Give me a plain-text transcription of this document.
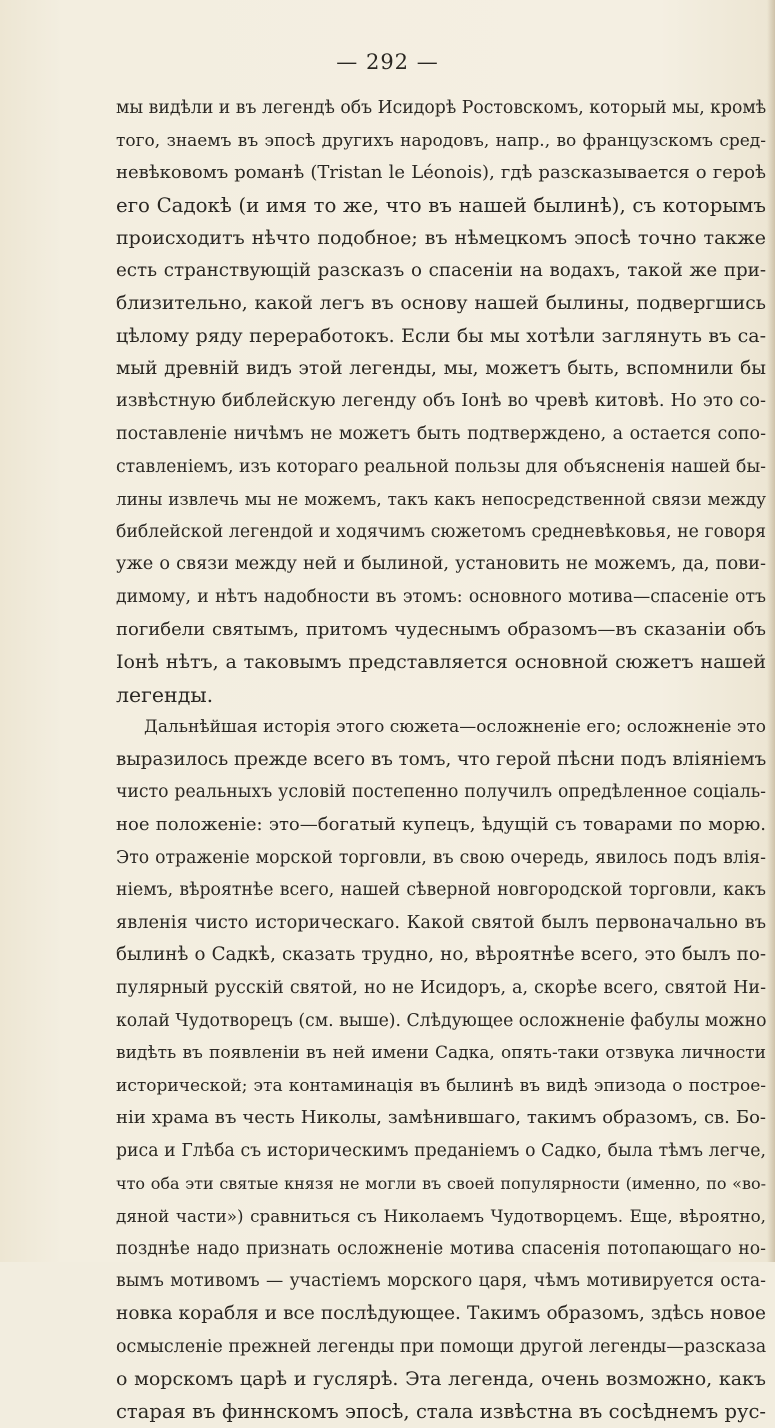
— 292 —
мы видѣли и въ легендѣ объ Исидорѣ Ростовскомъ, который мы, кромѣ
того, знаемъ въ эпосѣ другихъ народовъ, напр., во французскомъ сред-
невѣковомъ романѣ (Tristan le Léonois), гдѣ разсказывается о героѣ
его Садокѣ (и имя то же, что въ нашей былинѣ), съ которымъ
происходитъ нѣчто подобное; въ нѣмецкомъ эпосѣ точно также
есть странствующій разсказъ о спасеніи на водахъ, такой же при-
близительно, какой легъ въ основу нашей былины, подвергшись
цѣлому ряду переработокъ. Если бы мы хотѣли заглянуть въ са-
мый древній видъ этой легенды, мы, можетъ быть, вспомнили бы
извѣстную библейскую легенду объ Іонѣ во чревѣ китовѣ. Но это со-
поставленіе ничѣмъ не можетъ быть подтверждено, а остается сопо-
ставленіемъ, изъ котораго реальной пользы для объясненія нашей бы-
лины извлечь мы не можемъ, такъ какъ непосредственной связи между
библейской легендой и ходячимъ сюжетомъ средневѣковья, не говоря
уже о связи между ней и былиной, установить не можемъ, да, пови-
димому, и нѣтъ надобности въ этомъ: основного мотива—спасеніе отъ
погибели святымъ, притомъ чудеснымъ образомъ—въ сказаніи объ
Іонѣ нѣтъ, а таковымъ представляется основной сюжетъ нашей
легенды.
Дальнѣйшая исторія этого сюжета—осложненіе его; осложненіе это
выразилось прежде всего въ томъ, что герой пѣсни подъ вліяніемъ
чисто реальныхъ условій постепенно получилъ опредѣленное соціаль-
ное положеніе: это—богатый купецъ, ѣдущій съ товарами по морю.
Это отраженіе морской торговли, въ свою очередь, явилось подъ влія-
ніемъ, вѣроятнѣе всего, нашей сѣверной новгородской торговли, какъ
явленія чисто историческаго. Какой святой былъ первоначально въ
былинѣ о Садкѣ, сказать трудно, но, вѣроятнѣе всего, это былъ по-
пулярный русскій святой, но не Исидоръ, а, скорѣе всего, святой Ни-
колай Чудотворецъ (см. выше). Слѣдующее осложненіе фабулы можно
видѣть въ появленіи въ ней имени Садка, опять-таки отзвука личности
исторической; эта контаминація въ былинѣ въ видѣ эпизода о построе-
ніи храма въ честь Николы, замѣнившаго, такимъ образомъ, св. Бо-
риса и Глѣба съ историческимъ преданіемъ о Садко, была тѣмъ легче,
что оба эти святые князя не могли въ своей популярности (именно, по «во-
дяной части») сравниться съ Николаемъ Чудотворцемъ. Еще, вѣроятно,
позднѣе надо признать осложненіе мотива спасенія потопающаго но-
вымъ мотивомъ — участіемъ морского царя, чѣмъ мотивируется оста-
новка корабля и все послѣдующее. Такимъ образомъ, здѣсь новое
осмысленіе прежней легенды при помощи другой легенды—разсказа
о морскомъ царѣ и гуслярѣ. Эта легенда, очень возможно, какъ
старая въ финнскомъ эпосѣ, стала извѣстна въ сосѣднемъ рус-
